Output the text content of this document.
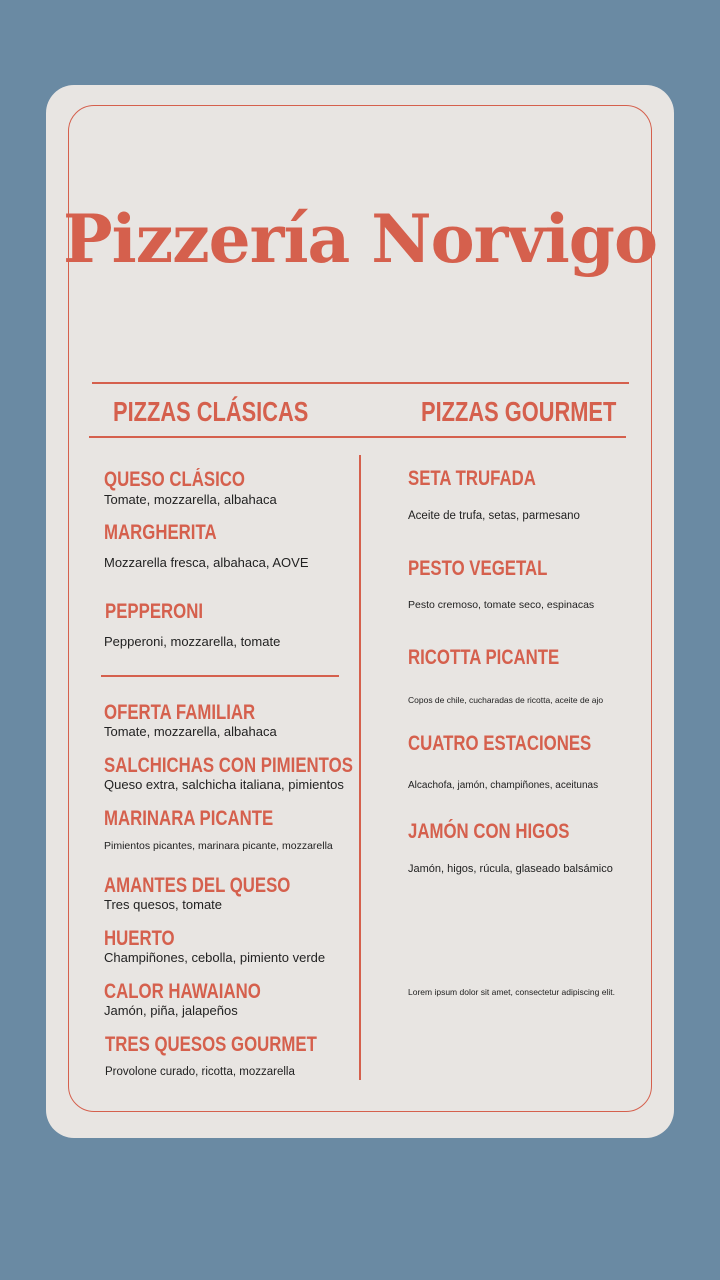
Pizzería Norvigo
PIZZAS CLÁSICAS	PIZZAS GOURMET
QUESO CLÁSICO
Tomate, mozzarella, albahaca
MARGHERITA
Mozzarella fresca, albahaca, AOVE
PEPPERONI
Pepperoni, mozzarella, tomate
OFERTA FAMILIAR
Tomate, mozzarella, albahaca
SALCHICHAS CON PIMIENTOS
Queso extra, salchicha italiana, pimientos
MARINARA PICANTE
Pimientos picantes, marinara picante, mozzarella
AMANTES DEL QUESO
Tres quesos, tomate
HUERTO
Champiñones, cebolla, pimiento verde
CALOR HAWAIANO
Jamón, piña, jalapeños
TRES QUESOS GOURMET
Provolone curado, ricotta, mozzarella
SETA TRUFADA
Aceite de trufa, setas, parmesano
PESTO VEGETAL
Pesto cremoso, tomate seco, espinacas
RICOTTA PICANTE
Copos de chile, cucharadas de ricotta, aceite de ajo
CUATRO ESTACIONES
Alcachofa, jamón, champiñones, aceitunas
JAMÓN CON HIGOS
Jamón, higos, rúcula, glaseado balsámico
Lorem ipsum dolor sit amet, consectetur adipiscing elit.
